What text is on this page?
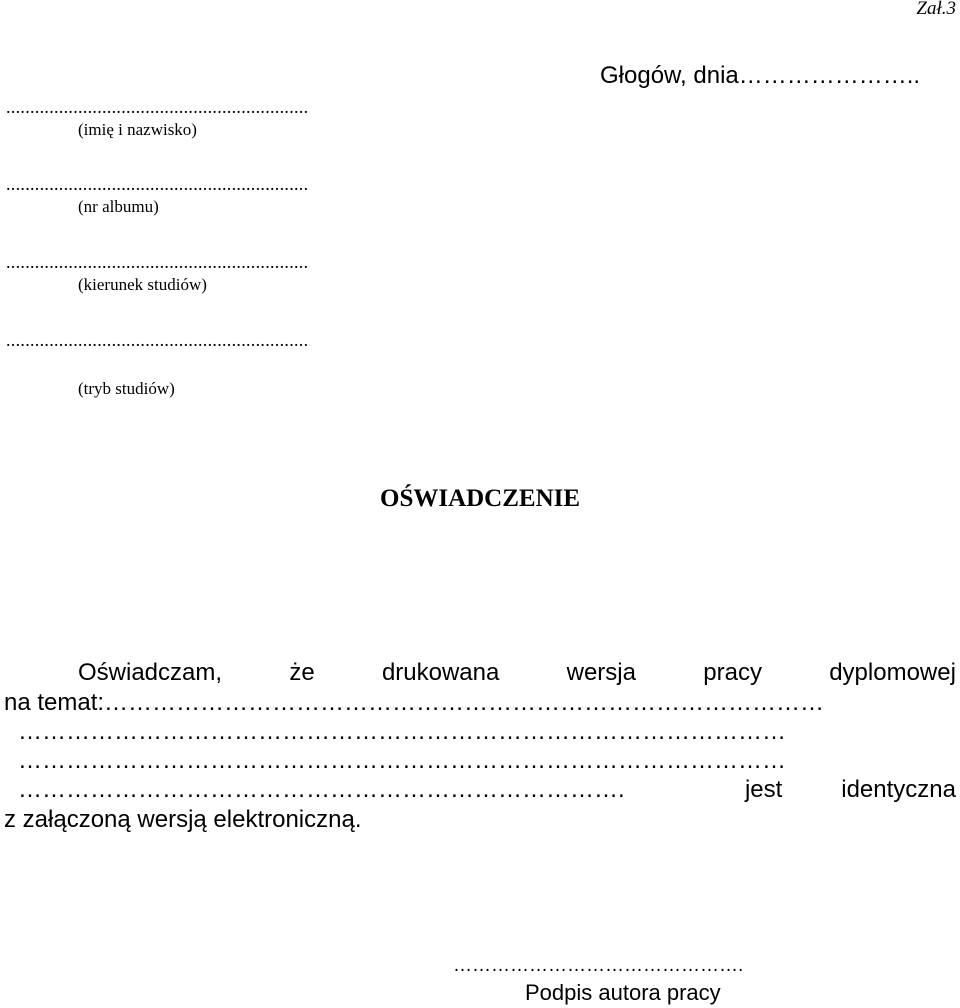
Zał.3
Głogów, dnia…………………..
...............................................................
(imię i nazwisko)
...............................................................
(nr albumu)
...............................................................
(kierunek studiów)
...............................................................
(tryb studiów)
OŚWIADCZENIE
Oświadczam,	że	drukowana	wersja	pracy	dyplomowej
na temat:………………………………………………………………………………
……………………………………………………………………………………
……………………………………………………………………………………
………………………………………………………………….	jest identyczna
z załączoną wersją elektroniczną.
……………………………………….
Podpis autora pracy
